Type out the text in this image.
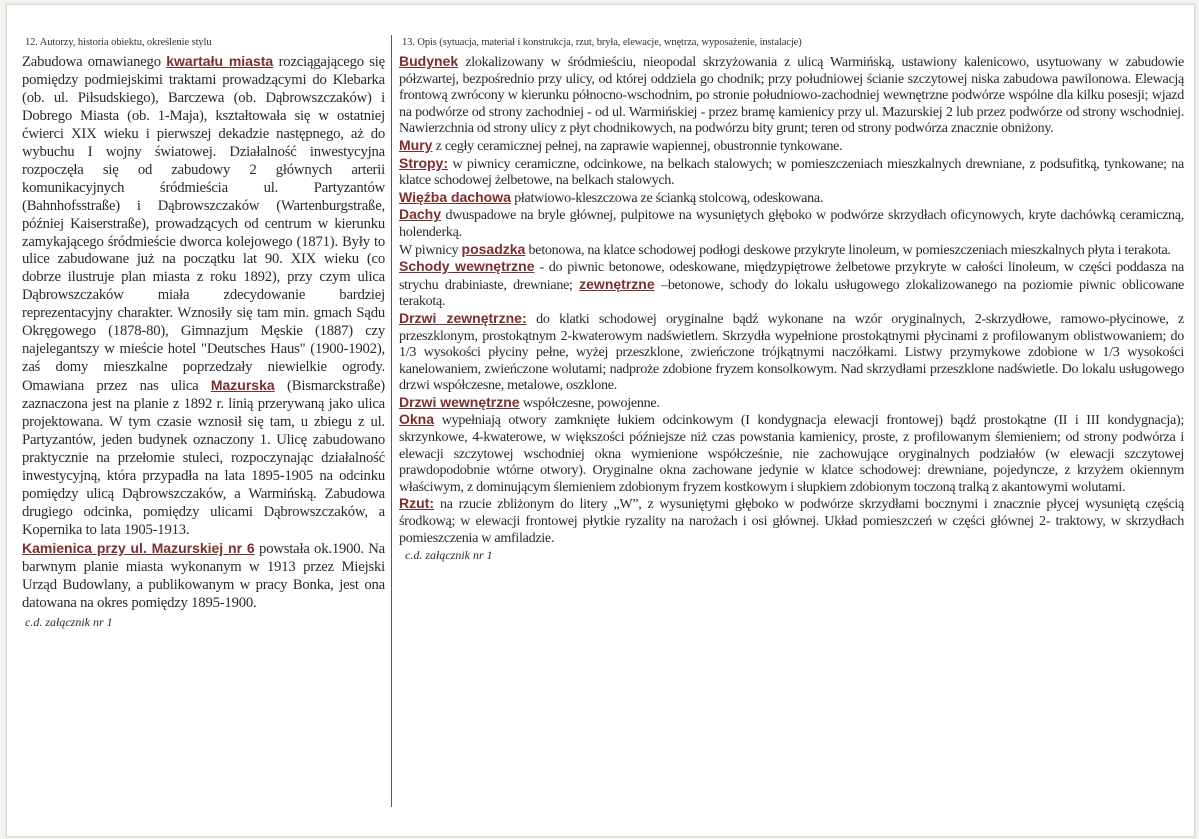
12. Autorzy, historia obiektu, określenie stylu

Zabudowa omawianego kwartału miasta rozciągającego się pomiędzy podmiejskimi traktami prowadzącymi do Klebarka (ob. ul. Piłsudskiego), Barczewa (ob. Dąbrowszczaków) i Dobrego Miasta (ob. 1-Maja), kształtowała się w ostatniej ćwierci XIX wieku i pierwszej dekadzie następnego, aż do wybuchu I wojny światowej. Działalność inwestycyjna rozpoczęła się od zabudowy 2 głównych arterii komunikacyjnych śródmieścia ul. Partyzantów (Bahnhofsstraße) i Dąbrowszczaków (Wartenburgstraße, później Kaiserstraße), prowadzących od centrum w kierunku zamykającego śródmieście dworca kolejowego (1871). Były to ulice zabudowane już na początku lat 90. XIX wieku (co dobrze ilustruje plan miasta z roku 1892), przy czym ulica Dąbrowszczaków miała zdecydowanie bardziej reprezentacyjny charakter. Wznosiły się tam min. gmach Sądu Okręgowego (1878-80), Gimnazjum Męskie (1887) czy najelegantszy w mieście hotel "Deutsches Haus" (1900-1902), zaś domy mieszkalne poprzedzały niewielkie ogrody. Omawiana przez nas ulica Mazurska (Bismarckstraße) zaznaczona jest na planie z 1892 r. linią przerywaną jako ulica projektowana. W tym czasie wznosił się tam, u zbiegu z ul. Partyzantów, jeden budynek oznaczony 1. Ulicę zabudowano praktycznie na przełomie stuleci, rozpoczynając działalność inwestycyjną, która przypadła na lata 1895-1905 na odcinku pomiędzy ulicą Dąbrowszczaków, a Warmińską. Zabudowa drugiego odcinka, pomiędzy ulicami Dąbrowszczaków, a Kopernika to lata 1905-1913.
Kamienica przy ul. Mazurskiej nr 6 powstała ok.1900. Na barwnym planie miasta wykonanym w 1913 przez Miejski Urząd Budowlany, a publikowanym w pracy Bonka, jest ona datowana na okres pomiędzy 1895-1900.

c.d. załącznik nr 1
13. Opis (sytuacja, materiał i konstrukcja, rzut, bryła, elewacje, wnętrza, wyposażenie, instalacje)

Budynek zlokalizowany w śródmieściu, nieopodal skrzyżowania z ulicą Warmińską, ustawiony kalenicowo, usytuowany w zabudowie półzwartej, bezpośrednio przy ulicy, od której oddziela go chodnik; przy południowej ścianie szczytowej niska zabudowa pawilonowa. Elewacją frontową zwrócony w kierunku północno-wschodnim, po stronie południowo-zachodniej wewnętrzne podwórze wspólne dla kilku posesji; wjazd na podwórze od strony zachodniej - od ul. Warmińskiej - przez bramę kamienicy przy ul. Mazurskiej 2 lub przez podwórze od strony wschodniej. Nawierzchnia od strony ulicy z płyt chodnikowych, na podwórzu bity grunt; teren od strony podwórza znacznie obniżony.
Mury z cegły ceramicznej pełnej, na zaprawie wapiennej, obustronnie tynkowane.
Stropy: w piwnicy ceramiczne, odcinkowe, na belkach stalowych; w pomieszczeniach mieszkalnych drewniane, z podsufitką, tynkowane; na klatce schodowej żelbetowe, na belkach stalowych.
Więźba dachowa płatwiowo-kleszczowa ze ścianką stolcową, odeskowana.
Dachy dwuspadowe na bryle głównej, pulpitowe na wysuniętych głęboko w podwórze skrzydłach oficynowych, kryte dachówką ceramiczną, holenderką.
W piwnicy posadzka betonowa, na klatce schodowej podłogi deskowe przykryte linoleum, w pomieszczeniach mieszkalnych płyta i terakota.
Schody wewnętrzne - do piwnic betonowe, odeskowane, międzypiętrowe żelbetowe przykryte w całości linoleum, w części poddasza na strychu drabiniaste, drewniane; zewnętrzne –betonowe, schody do lokalu usługowego zlokalizowanego na poziomie piwnic oblicowane terakotą.
Drzwi zewnętrzne: do klatki schodowej oryginalne bądź wykonane na wzór oryginalnych, 2-skrzydłowe, ramowo-płycinowe, z przeszklonym, prostokątnym 2-kwaterowym nadświetlem. Skrzydła wypełnione prostokątnymi płycinami z profilowanym oblistwowaniem; do 1/3 wysokości płyciny pełne, wyżej przeszklone, zwieńczone trójkątnymi naczółkami. Listwy przymykowe zdobione w 1/3 wysokości kanelowaniem, zwieńczone wolutami; nadproże zdobione fryzem konsolkowym. Nad skrzydłami przeszklone nadświetle. Do lokalu usługowego drzwi współczesne, metalowe, oszklone.
Drzwi wewnętrzne współczesne, powojenne.
Okna wypełniają otwory zamknięte łukiem odcinkowym (I kondygnacja elewacji frontowej) bądź prostokątne (II i III kondygnacja); skrzynkowe, 4-kwaterowe, w większości późniejsze niż czas powstania kamienicy, proste, z profilowanym ślemieniem; od strony podwórza i elewacji szczytowej wschodniej okna wymienione współcześnie, nie zachowujące oryginalnych podziałów (w elewacji szczytowej prawdopodobnie wtórne otwory). Oryginalne okna zachowane jedynie w klatce schodowej: drewniane, pojedyncze, z krzyżem okiennym właściwym, z dominującym ślemieniem zdobionym fryzem kostkowym i słupkiem zdobionym toczoną tralką z akantowymi wolutami.
Rzut: na rzucie zbliżonym do litery „W”, z wysuniętymi głęboko w podwórze skrzydłami bocznymi i znacznie płycej wysuniętą częścią środkową; w elewacji frontowej płytkie ryzality na narożach i osi głównej. Układ pomieszczeń w części głównej 2- traktowy, w skrzydłach pomieszczenia w amfiladzie.

c.d. załącznik nr 1
